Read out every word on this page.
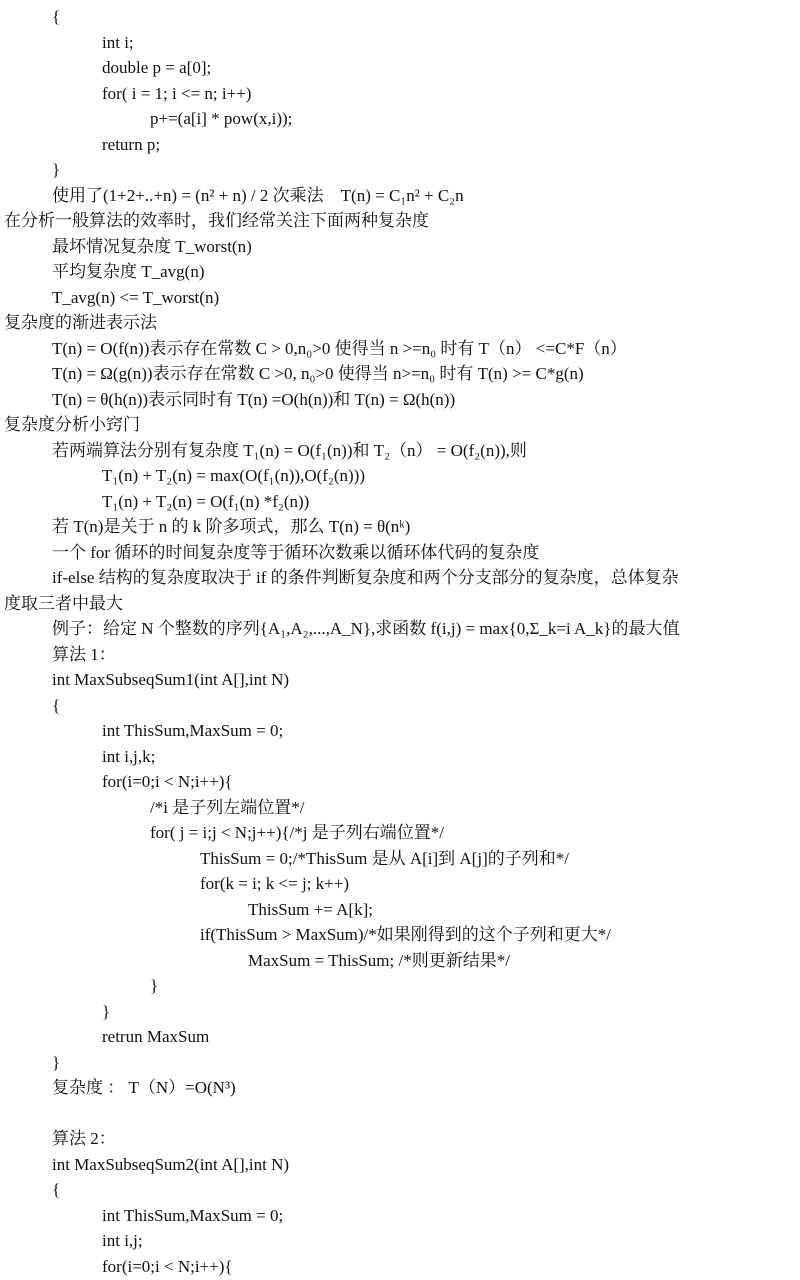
{
int i;
double p = a[0];
for( i = 1; i <= n; i++)
p+=(a[i] * pow(x,i));
return p;
}
使用了(1+2+..+n) = (n² + n) / 2 次乘法    T(n) = C₁n² + C₂n
在分析一般算法的效率时，我们经常关注下面两种复杂度
最坏情况复杂度 T_worst(n)
平均复杂度 T_avg(n)
T_avg(n) <= T_worst(n)
复杂度的渐进表示法
T(n) = O(f(n))表示存在常数 C > 0,n₀>0 使得当 n >=n₀ 时有 T（n） <=C*F（n）
T(n) = Ω(g(n))表示存在常数 C >0, n₀>0 使得当 n>=n₀ 时有 T(n) >= C*g(n)
T(n) = θ(h(n))表示同时有 T(n) =O(h(n))和 T(n) = Ω(h(n))
复杂度分析小窍门
若两端算法分别有复杂度 T₁(n) = O(f₁(n))和 T₂（n） = O(f₂(n)),则
T₁(n) + T₂(n) = max(O(f₁(n)),O(f₂(n)))
T₁(n) + T₂(n) = O(f₁(n) *f₂(n))
若 T(n)是关于 n 的 k 阶多项式，那么 T(n) = θ(nᵏ)
一个 for 循环的时间复杂度等于循环次数乘以循环体代码的复杂度
if-else 结构的复杂度取决于 if 的条件判断复杂度和两个分支部分的复杂度，总体复杂
度取三者中最大
例子：给定 N 个整数的序列{A₁,A₂,...,A_N},求函数 f(i,j) = max{0,Σ_k=i A_k}的最大值
算法 1：
int MaxSubseqSum1(int A[],int N)
{
int ThisSum,MaxSum = 0;
int i,j,k;
for(i=0;i < N;i++){
/*i 是子列左端位置*/
for( j = i;j < N;j++){/*j 是子列右端位置*/
ThisSum = 0;/*ThisSum 是从 A[i]到 A[j]的子列和*/
for(k = i; k <= j; k++)
ThisSum += A[k];
if(ThisSum > MaxSum)/*如果刚得到的这个子列和更大*/
MaxSum = ThisSum; /*则更新结果*/
}
}
retrun MaxSum
}
复杂度 ： T（N）=O(N³)
算法 2：
int MaxSubseqSum2(int A[],int N)
{
int ThisSum,MaxSum = 0;
int i,j;
for(i=0;i < N;i++){
